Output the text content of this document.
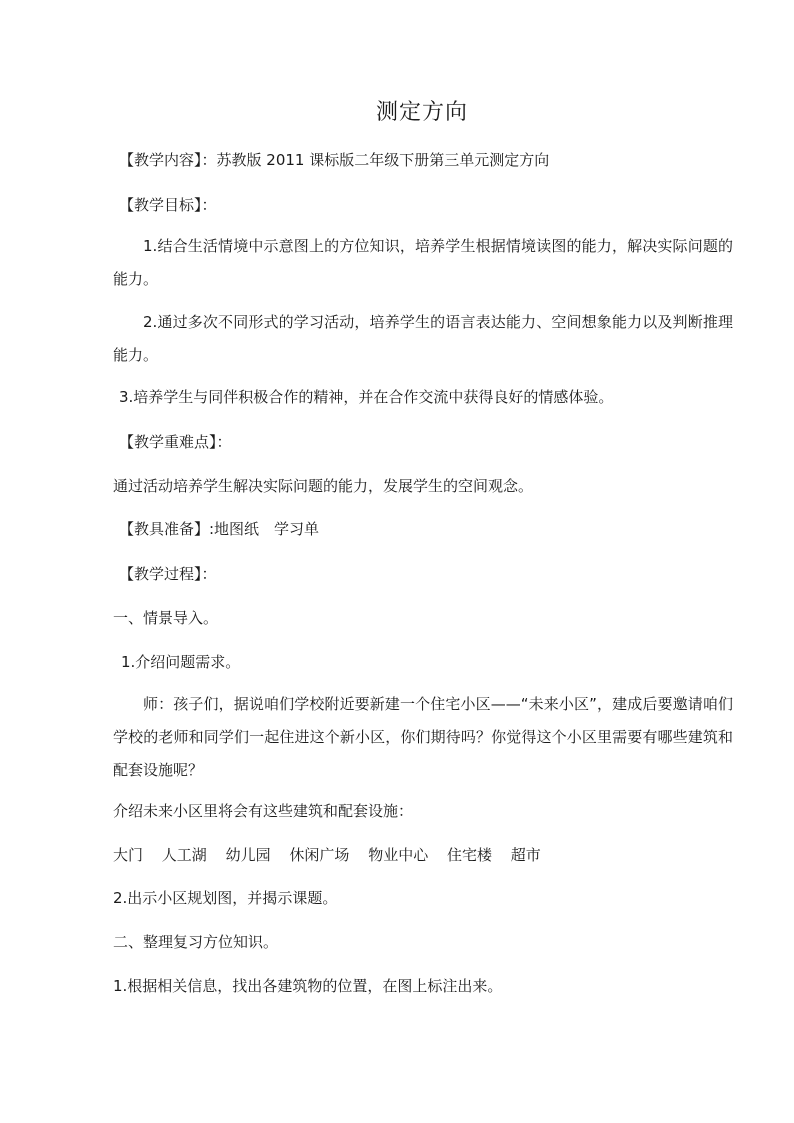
测定方向
【教学内容】：苏教版 2011 课标版二年级下册第三单元测定方向
【教学目标】：
1.结合生活情境中示意图上的方位知识，培养学生根据情境读图的能力，解决实际问题的能力。
2.通过多次不同形式的学习活动，培养学生的语言表达能力、空间想象能力以及判断推理能力。
3.培养学生与同伴积极合作的精神，并在合作交流中获得良好的情感体验。
【教学重难点】：
通过活动培养学生解决实际问题的能力，发展学生的空间观念。
【教具准备】:地图纸　学习单
【教学过程】：
一、情景导入。
1.介绍问题需求。
师：孩子们，据说咱们学校附近要新建一个住宅小区——“未来小区”，建成后要邀请咱们学校的老师和同学们一起住进这个新小区，你们期待吗？你觉得这个小区里需要有哪些建筑和配套设施呢？
介绍未来小区里将会有这些建筑和配套设施：
大门 人工湖 幼儿园 休闲广场 物业中心 住宅楼 超市
2.出示小区规划图，并揭示课题。
二、整理复习方位知识。
1.根据相关信息，找出各建筑物的位置，在图上标注出来。
